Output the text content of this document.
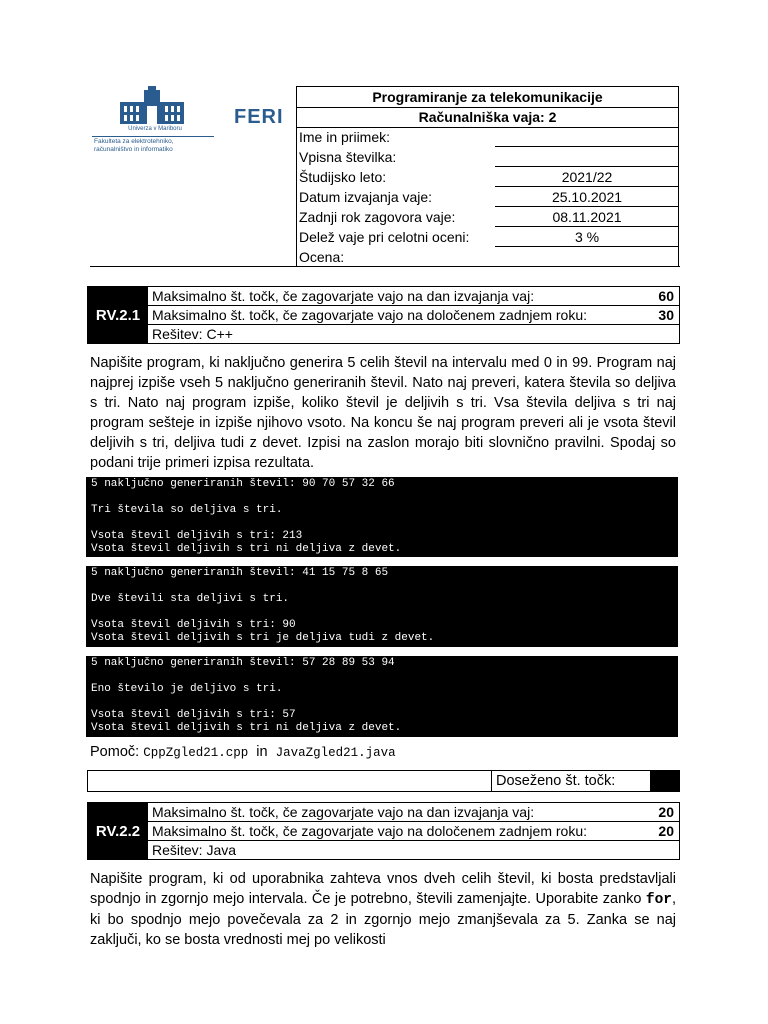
Univerza v Mariboru
Fakulteta za elektrotehniko,
računalništvo in informatiko
FERI
Programiranje za telekomunikacije
Računalniška vaja: 2
Ime in priimek:
Vpisna številka:
Študijsko leto:	2021/22
Datum izvajanja vaje:	25.10.2021
Zadnji rok zagovora vaje:	08.11.2021
Delež vaje pri celotni oceni:	3 %
Ocena:
RV.2.1
Maksimalno št. točk, če zagovarjate vajo na dan izvajanja vaj:	60
Maksimalno št. točk, če zagovarjate vajo na določenem zadnjem roku:	30
Rešitev: C++
Napišite program, ki naključno generira 5 celih števil na intervalu med 0 in 99. Program naj najprej izpiše vseh 5 naključno generiranih števil. Nato naj preveri, katera števila so deljiva s tri. Nato naj program izpiše, koliko števil je deljivih s tri. Vsa števila deljiva s tri naj program sešteje in izpiše njihovo vsoto. Na koncu še naj program preveri ali je vsota števil deljivih s tri, deljiva tudi z devet. Izpisi na zaslon morajo biti slovnično pravilni. Spodaj so podani trije primeri izpisa rezultata.
5 naključno generiranih števil: 90 70 57 32 66

Tri števila so deljiva s tri.

Vsota števil deljivih s tri: 213
Vsota števil deljivih s tri ni deljiva z devet.
5 naključno generiranih števil: 41 15 75 8 65

Dve števili sta deljivi s tri.

Vsota števil deljivih s tri: 90
Vsota števil deljivih s tri je deljiva tudi z devet.
5 naključno generiranih števil: 57 28 89 53 94

Eno število je deljivo s tri.

Vsota števil deljivih s tri: 57
Vsota števil deljivih s tri ni deljiva z devet.
Pomoč: CppZgled21.cpp in JavaZgled21.java
Doseženo št. točk:
RV.2.2
Maksimalno št. točk, če zagovarjate vajo na dan izvajanja vaj:	20
Maksimalno št. točk, če zagovarjate vajo na določenem zadnjem roku:	20
Rešitev: Java
Napišite program, ki od uporabnika zahteva vnos dveh celih števil, ki bosta predstavljali spodnjo in zgornjo mejo intervala. Če je potrebno, števili zamenjajte. Uporabite zanko for, ki bo spodnjo mejo povečevala za 2 in zgornjo mejo zmanjševala za 5. Zanka se naj zaključi, ko se bosta vrednosti mej po velikosti
